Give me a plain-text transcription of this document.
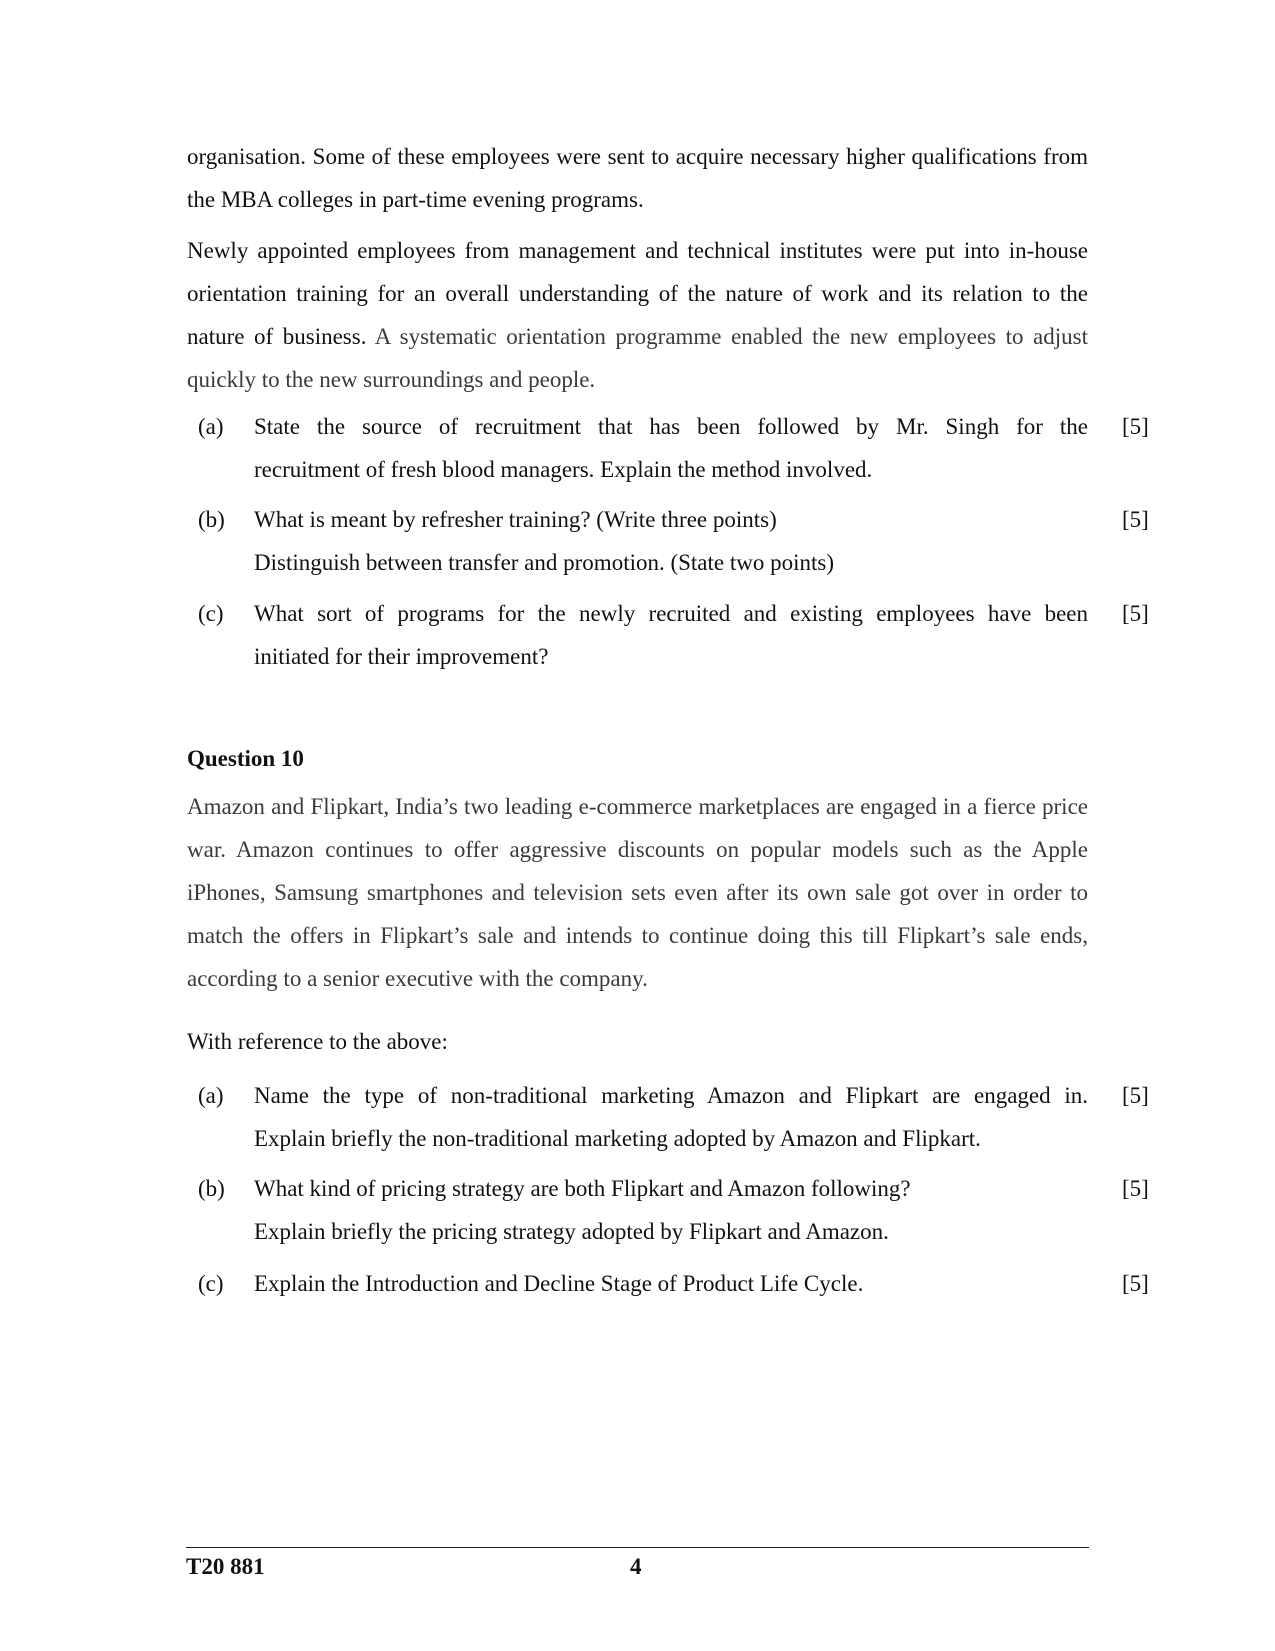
organisation. Some of these employees were sent to acquire necessary higher qualifications from the MBA colleges in part-time evening programs.

Newly appointed employees from management and technical institutes were put into in-house orientation training for an overall understanding of the nature of work and its relation to the nature of business. A systematic orientation programme enabled the new employees to adjust quickly to the new surroundings and people.

(a) State the source of recruitment that has been followed by Mr. Singh for the
recruitment of fresh blood managers. Explain the method involved.
[5]
(b) What is meant by refresher training? (Write three points)
Distinguish between transfer and promotion. (State two points)
[5]
(c) What sort of programs for the newly recruited and existing employees have been
initiated for their improvement?
[5]
Question 10

Amazon and Flipkart, India’s two leading e-commerce marketplaces are engaged in a fierce price war. Amazon continues to offer aggressive discounts on popular models such as the Apple iPhones, Samsung smartphones and television sets even after its own sale got over in order to match the offers in Flipkart’s sale and intends to continue doing this till Flipkart’s sale ends, according to a senior executive with the company.

With reference to the above:

(a) Name the type of non-traditional marketing Amazon and Flipkart are engaged in.
Explain briefly the non-traditional marketing adopted by Amazon and Flipkart.
[5]
(b) What kind of pricing strategy are both Flipkart and Amazon following?
Explain briefly the pricing strategy adopted by Flipkart and Amazon.
[5]
(c) Explain the Introduction and Decline Stage of Product Life Cycle.	[5]
T20 881	4
